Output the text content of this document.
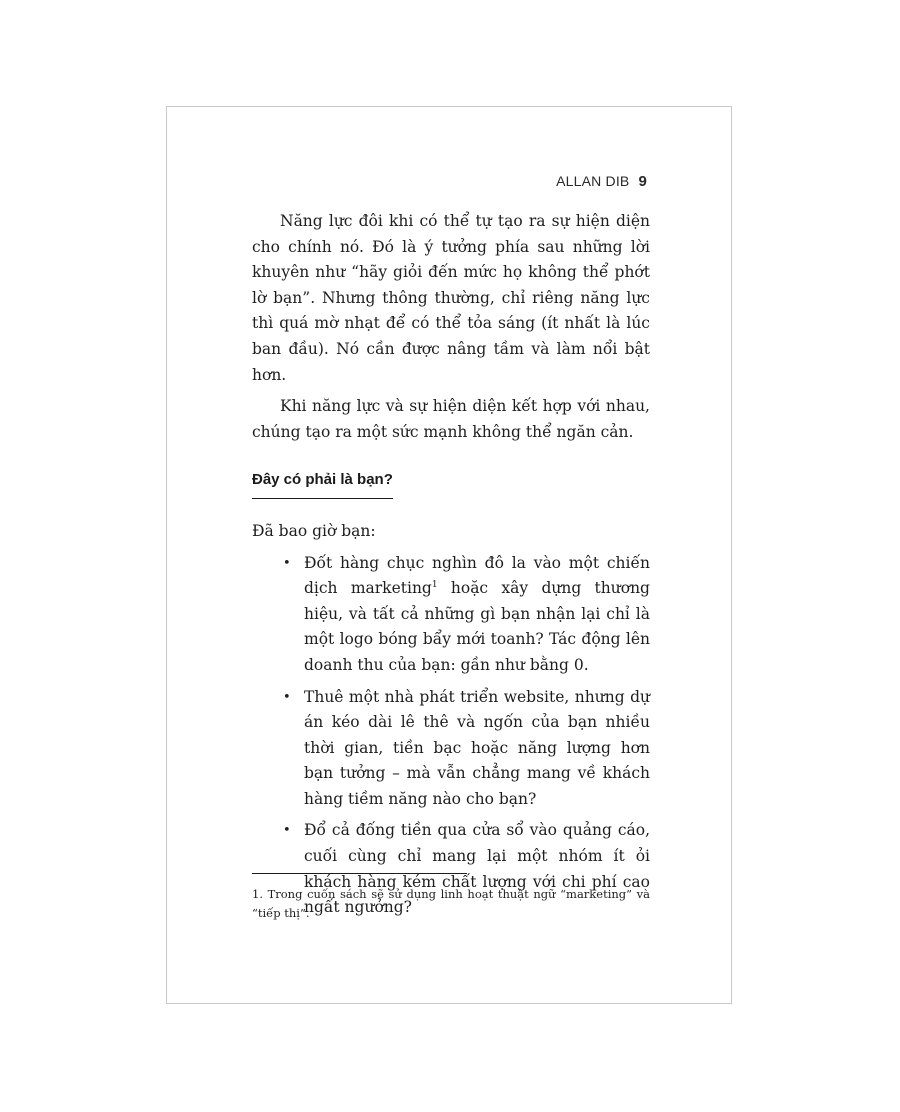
ALLAN DIB 9

Năng lực đôi khi có thể tự tạo ra sự hiện diện cho chính nó. Đó là ý tưởng phía sau những lời khuyên như “hãy giỏi đến mức họ không thể phớt lờ bạn”. Nhưng thông thường, chỉ riêng năng lực thì quá mờ nhạt để có thể tỏa sáng (ít nhất là lúc ban đầu). Nó cần được nâng tầm và làm nổi bật hơn.

Khi năng lực và sự hiện diện kết hợp với nhau, chúng tạo ra một sức mạnh không thể ngăn cản.

Đây có phải là bạn?

Đã bao giờ bạn:

• Đốt hàng chục nghìn đô la vào một chiến dịch marketing$^1$ hoặc xây dựng thương hiệu, và tất cả những gì bạn nhận lại chỉ là một logo bóng bẩy mới toanh? Tác động lên doanh thu của bạn: gần như bằng 0.
• Thuê một nhà phát triển website, nhưng dự án kéo dài lê thê và ngốn của bạn nhiều thời gian, tiền bạc hoặc năng lượng hơn bạn tưởng – mà vẫn chẳng mang về khách hàng tiềm năng nào cho bạn?
• Đổ cả đống tiền qua cửa sổ vào quảng cáo, cuối cùng chỉ mang lại một nhóm ít ỏi khách hàng kém chất lượng với chi phí cao ngất ngưởng?
1. Trong cuốn sách sẽ sử dụng linh hoạt thuật ngữ “marketing” và “tiếp thị”.
